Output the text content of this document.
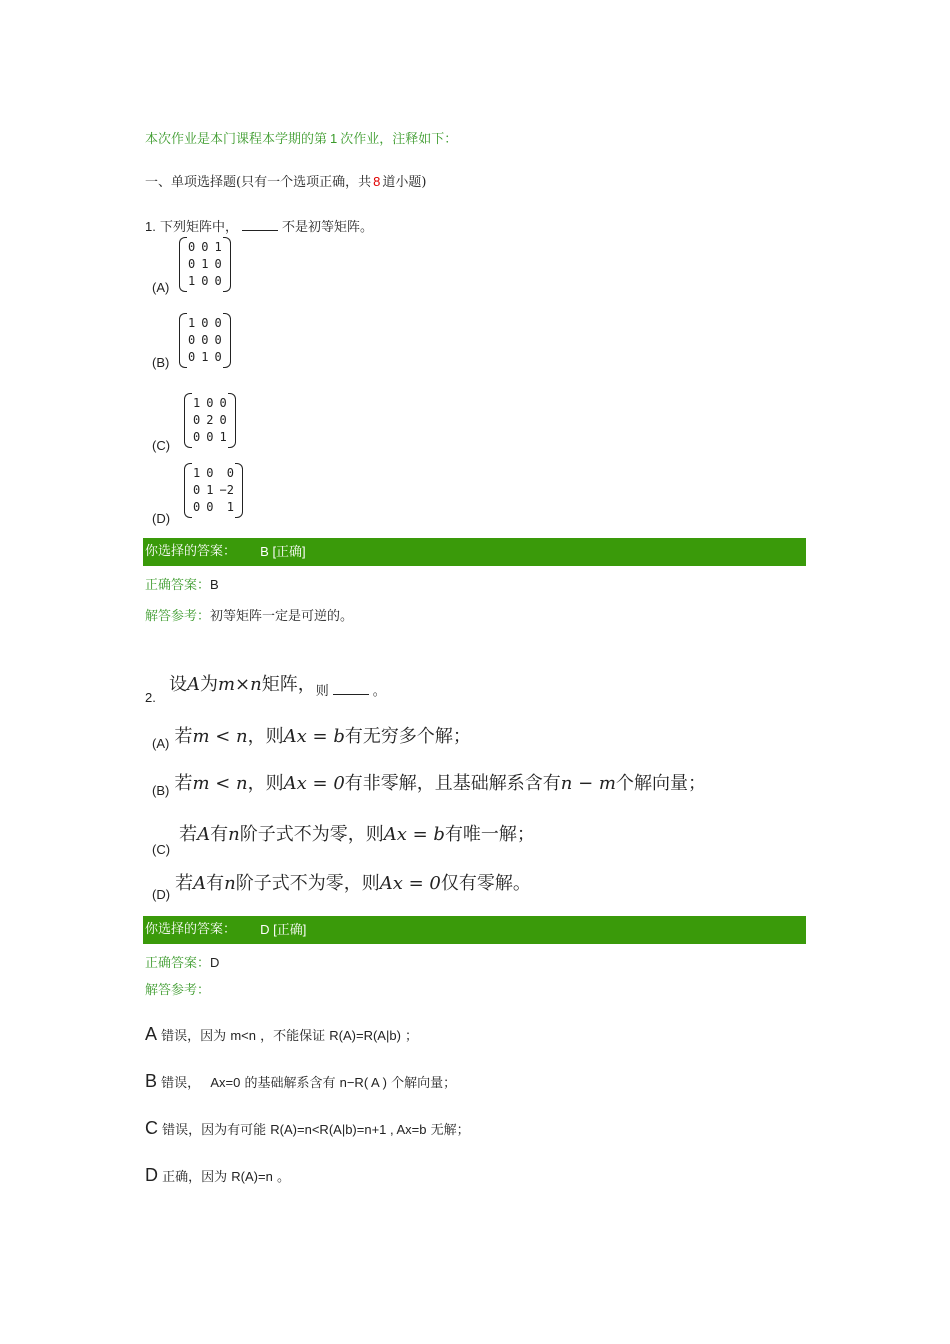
本次作业是本门课程本学期的第 1 次作业，注释如下：
一、单项选择题(只有一个选项正确，共 8 道小题)
1. 下列矩阵中，	不是初等矩阵。
(A)
0	0	1
0	1	0
1	0	0
(B)
1	0	0
0	0	0
0	1	0
(C)
1	0	0
0	2	0
0	0	1
(D)
1	0	0
0	1	−2
0	0	1
你选择的答案： B [正确]
正确答案：B
解答参考：初等矩阵一定是可逆的。
$_{2.}$ 设A为m×n矩阵，$_则$	$_。$
$_{(A)}$ 若m < n，则Ax = b有无穷多个解；
$_{(B)}$ 若m < n，则Ax = 0有非零解，且基础解系含有n − m个解向量；
$_{(C)}$ 若A有n阶子式不为零，则Ax = b有唯一解；
$_{(D)}$ 若A有n阶子式不为零，则Ax = 0仅有零解。
你选择的答案： D [正确]
正确答案：D
解答参考：
A 错误，因为 m<n ，不能保证 R(A)=R(A|b) ；
B 错误， Ax=0 的基础解系含有 n−R( A ) 个解向量；
C 错误，因为有可能 R(A)=n<R(A|b)=n+1 , Ax=b 无解；
D 正确，因为 R(A)=n 。
